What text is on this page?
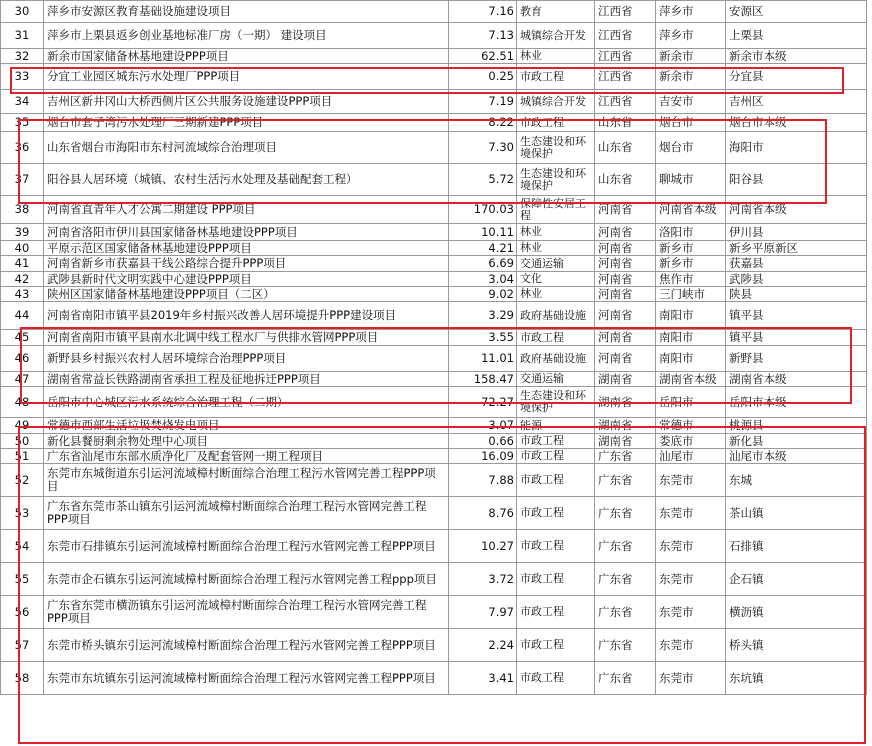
30	萍乡市安源区教育基础设施建设项目	7.16	教育	江西省	萍乡市	安源区
31	萍乡市上栗县返乡创业基地标准厂房（一期） 建设项目	7.13	城镇综合开发	江西省	萍乡市	上栗县
32	新余市国家储备林基地建设PPP项目	62.51	林业	江西省	新余市	新余市本级
33	分宜工业园区城东污水处理厂PPP项目	0.25	市政工程	江西省	新余市	分宜县
34	吉州区新井冈山大桥西侧片区公共服务设施建设PPP项目	7.19	城镇综合开发	江西省	吉安市	吉州区
35	烟台市套子湾污水处理厂三期新建PPP项目	8.22	市政工程	山东省	烟台市	烟台市本级
36	山东省烟台市海阳市东村河流域综合治理项目	7.30	生态建设和环境保护	山东省	烟台市	海阳市
37	阳谷县人居环境（城镇、农村生活污水处理及基础配套工程）	5.72	生态建设和环境保护	山东省	聊城市	阳谷县
38	河南省直青年人才公寓二期建设 PPP项目	170.03	保障性安居工程	河南省	河南省本级	河南省本级
39	河南省洛阳市伊川县国家储备林基地建设PPP项目	10.11	林业	河南省	洛阳市	伊川县
40	平原示范区国家储备林基地建设PPP项目	4.21	林业	河南省	新乡市	新乡平原新区
41	河南省新乡市获嘉县干线公路综合提升PPP项目	6.69	交通运输	河南省	新乡市	获嘉县
42	武陟县新时代文明实践中心建设PPP项目	3.04	文化	河南省	焦作市	武陟县
43	陕州区国家储备林基地建设PPP项目（二区）	9.02	林业	河南省	三门峡市	陕县
44	河南省南阳市镇平县2019年乡村振兴改善人居环境提升PPP建设项目	3.29	政府基础设施	河南省	南阳市	镇平县
45	河南省南阳市镇平县南水北调中线工程水厂与供排水管网PPP项目	3.55	市政工程	河南省	南阳市	镇平县
46	新野县乡村振兴农村人居环境综合治理PPP项目	11.01	政府基础设施	河南省	南阳市	新野县
47	湖南省常益长铁路湖南省承担工程及征地拆迁PPP项目	158.47	交通运输	湖南省	湖南省本级	湖南省本级
48	岳阳市中心城区污水系统综合治理工程（二期）	72.27	生态建设和环境保护	湖南省	岳阳市	岳阳市本级
49	常德市西部生活垃圾焚烧发电项目	3.07	能源	湖南省	常德市	桃源县
50	新化县餐厨剩余物处理中心项目	0.66	市政工程	湖南省	娄底市	新化县
51	广东省汕尾市东部水质净化厂及配套管网一期工程项目	16.09	市政工程	广东省	汕尾市	汕尾市本级
52	东莞市东城街道东引运河流域樟村断面综合治理工程污水管网完善工程PPP项目	7.88	市政工程	广东省	东莞市	东城
53	广东省东莞市茶山镇东引运河流域樟村断面综合治理工程污水管网完善工程PPP项目	8.76	市政工程	广东省	东莞市	茶山镇
54	东莞市石排镇东引运河流域樟村断面综合治理工程污水管网完善工程PPP项目	10.27	市政工程	广东省	东莞市	石排镇
55	东莞市企石镇东引运河流域樟村断面综合治理工程污水管网完善工程ppp项目	3.72	市政工程	广东省	东莞市	企石镇
56	广东省东莞市横沥镇东引运河流域樟村断面综合治理工程污水管网完善工程PPP项目	7.97	市政工程	广东省	东莞市	横沥镇
57	东莞市桥头镇东引运河流域樟村断面综合治理工程污水管网完善工程PPP项目	2.24	市政工程	广东省	东莞市	桥头镇
58	东莞市东坑镇东引运河流域樟村断面综合治理工程污水管网完善工程PPP项目	3.41	市政工程	广东省	东莞市	东坑镇
